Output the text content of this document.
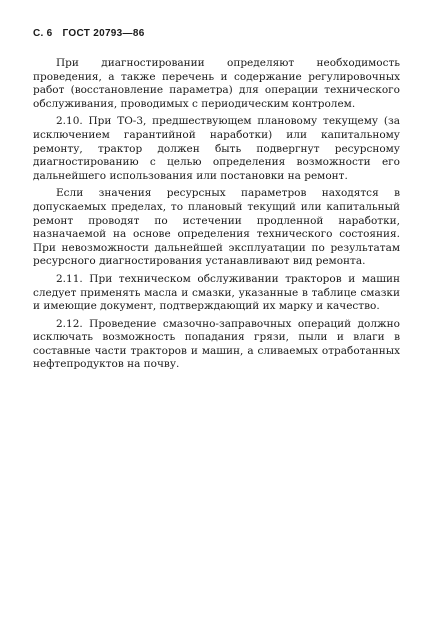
С. 6 ГОСТ 20793—86

При диагностировании определяют необходимость проведения, а также перечень и содержание регулировочных работ (восстановление параметра) для операции технического обслуживания, проводимых с периодическим контролем.

2.10. При ТО-3, предшествующем плановому текущему (за исключением гарантийной наработки) или капитальному ремонту, трактор должен быть подвергнут ресурсному диагностированию с целью определения возможности его дальнейшего использования или постановки на ремонт.

Если значения ресурсных параметров находятся в допускаемых пределах, то плановый текущий или капитальный ремонт проводят по истечении продленной наработки, назначаемой на основе определения технического состояния. При невозможности дальнейшей эксплуатации по результатам ресурсного диагностирования устанавливают вид ремонта.

2.11. При техническом обслуживании тракторов и машин следует применять масла и смазки, указанные в таблице смазки и имеющие документ, подтверждающий их марку и качество.

2.12. Проведение смазочно-заправочных операций должно исключать возможность попадания грязи, пыли и влаги в составные части тракторов и машин, а сливаемых отработанных нефтепродуктов на почву.
